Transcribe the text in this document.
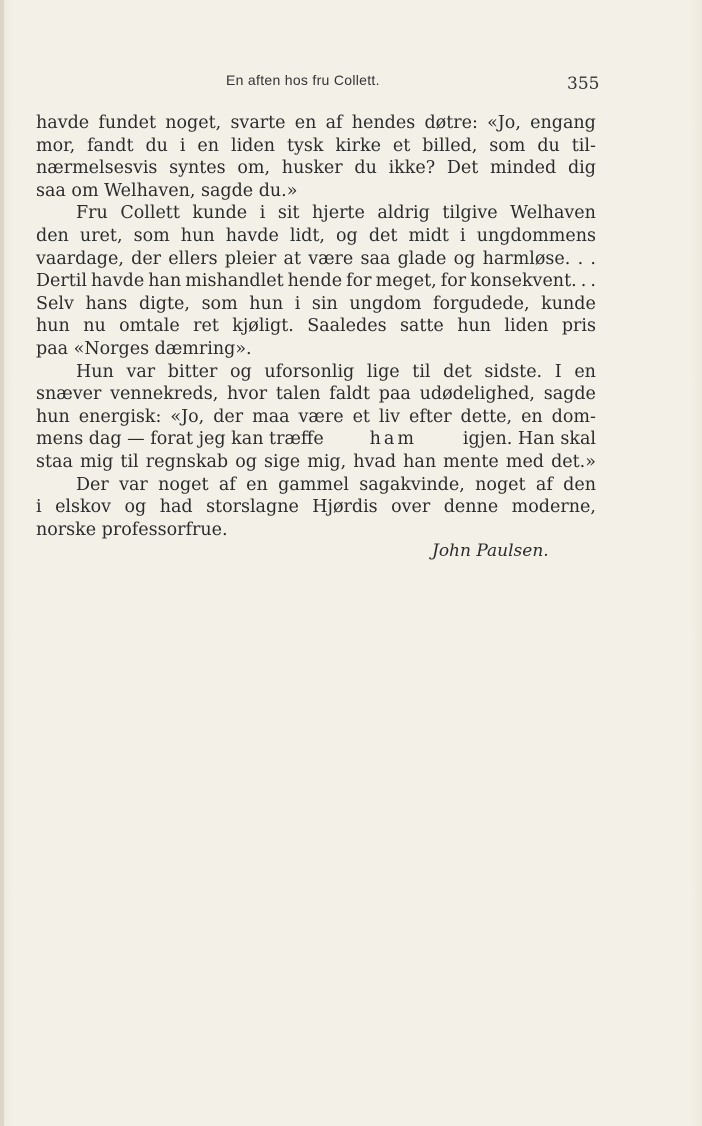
En aften hos fru Collett.	355
havde fundet noget, svarte en af hendes døtre: «Jo, engang
mor, fandt du i en liden tysk kirke et billed, som du til-
nærmelsesvis syntes om, husker du ikke? Det minded dig
saa om Welhaven, sagde du.»
Fru Collett kunde i sit hjerte aldrig tilgive Welhaven
den uret, som hun havde lidt, og det midt i ungdommens
vaardage, der ellers pleier at være saa glade og harmløse. . .
Dertil havde han mishandlet hende for meget, for konsekvent. . .
Selv hans digte, som hun i sin ungdom forgudede, kunde
hun nu omtale ret kjøligt. Saaledes satte hun liden pris
paa «Norges dæmring».
Hun var bitter og uforsonlig lige til det sidste. I en
snæver vennekreds, hvor talen faldt paa udødelighed, sagde
hun energisk: «Jo, der maa være et liv efter dette, en dom-
mens dag — forat jeg kan træffe	ham	igjen. Han skal
staa mig til regnskab og sige mig, hvad han mente med det.»
Der var noget af en gammel sagakvinde, noget af den
i elskov og had storslagne Hjørdis over denne moderne,
norske professorfrue.
John Paulsen.
